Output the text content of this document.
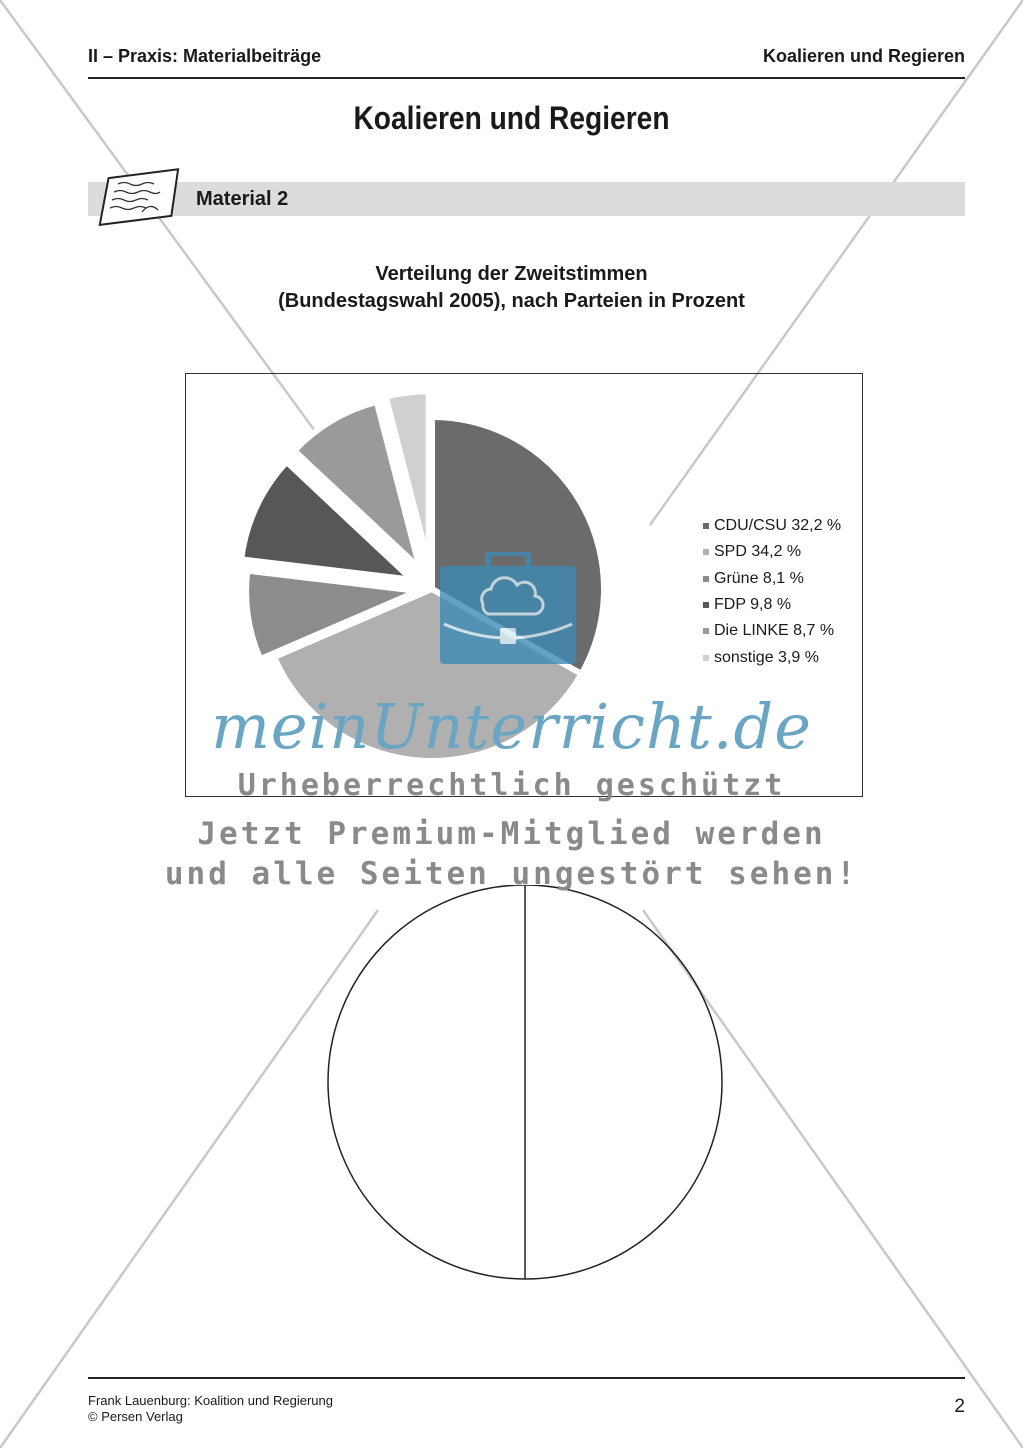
II – Praxis: Materialbeiträge	Koalieren und Regieren
Koalieren und Regieren
Material 2
Verteilung der Zweitstimmen
(Bundestagswahl 2005), nach Parteien in Prozent
CDU/CSU 32,2 %
SPD 34,2 %
Grüne 8,1 %
FDP 9,8 %
Die LINKE 8,7 %
sonstige 3,9 %
meinUnterricht.de
Urheberrechtlich geschützt
Jetzt Premium-Mitglied werden
und alle Seiten ungestört sehen!
Frank Lauenburg: Koalition und Regierung
© Persen Verlag	2
